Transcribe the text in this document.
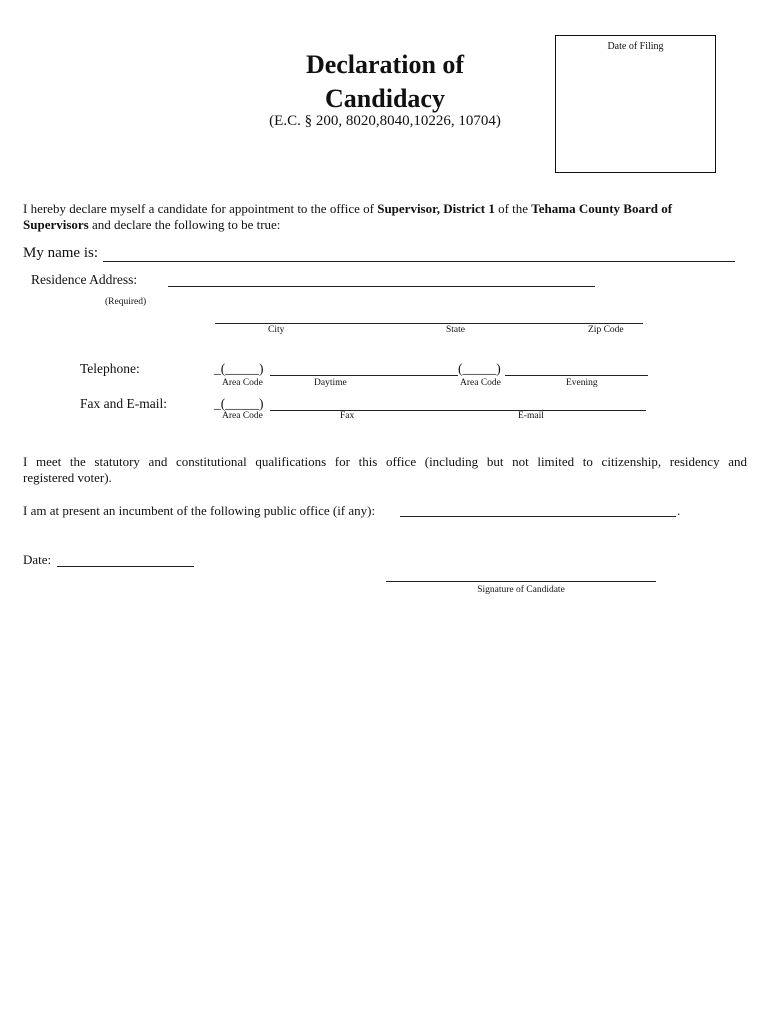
Declaration of
Candidacy
(E.C. § 200, 8020,8040,10226, 10704)
Date of Filing
I hereby declare myself a candidate for appointment to the office of Supervisor, District 1 of the Tehama County Board of
Supervisors and declare the following to be true:
My name is:
Residence Address:
(Required)
City	State	Zip Code
Telephone:	_(_____)	(_____)
Area Code	Daytime	Area Code	Evening
Fax and E-mail:	_(_____)
Area Code	Fax	E-mail
I meet the statutory and constitutional qualifications for this office (including but not limited to citizenship, residency and
registered voter).
I am at present an incumbent of the following public office (if any):	.
Date:
Signature of Candidate
